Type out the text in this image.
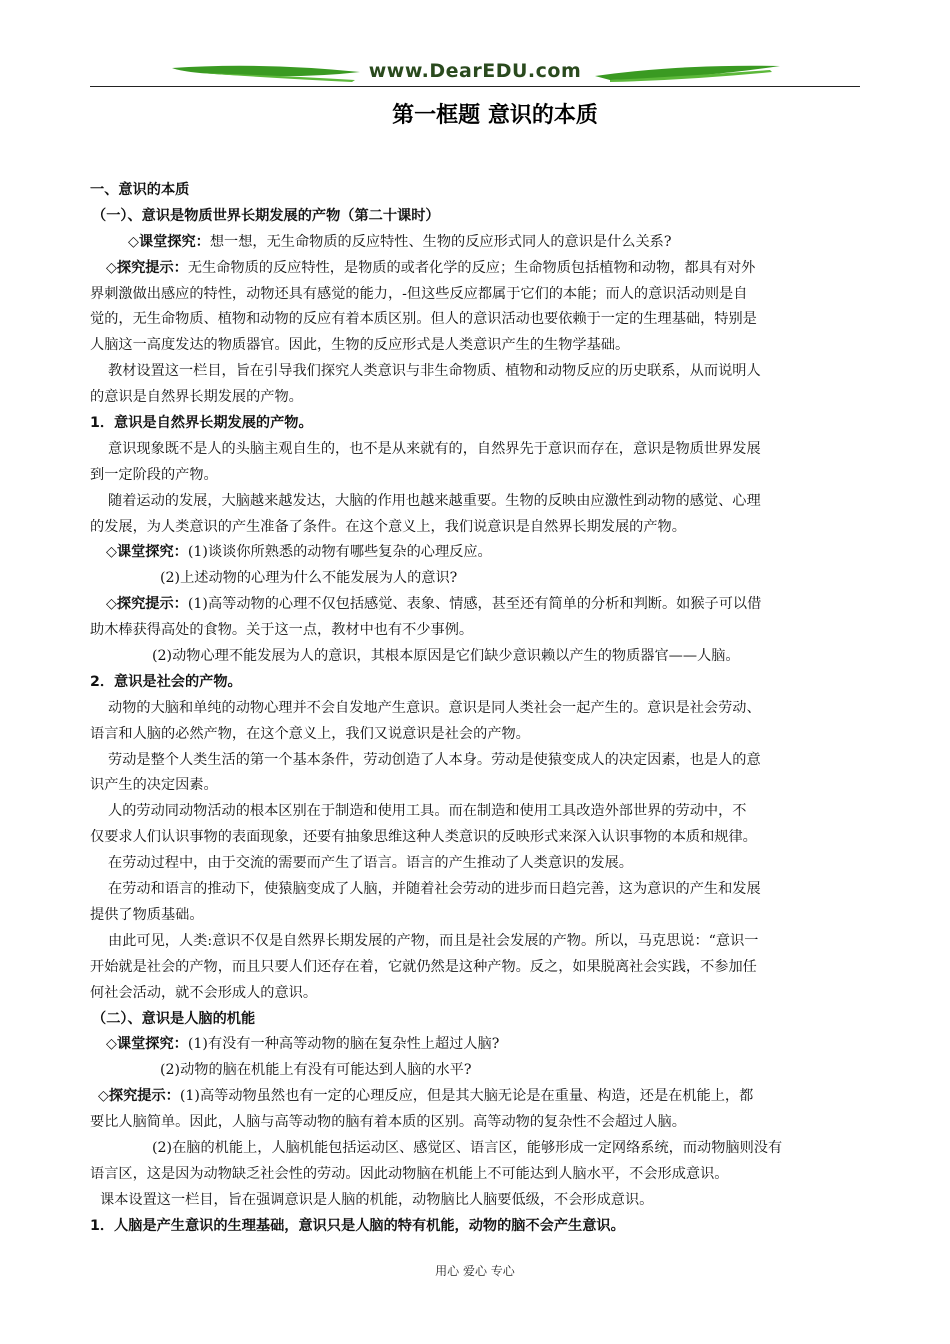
www.DearEDU.com
第一框题 意识的本质
一、意识的本质
（一）、意识是物质世界长期发展的产物（第二十课时）
◇课堂探究：想一想，无生命物质的反应特性、生物的反应形式同人的意识是什么关系?
◇探究提示：无生命物质的反应特性，是物质的或者化学的反应；生命物质包括植物和动物，都具有对外
界刺激做出感应的特性，动物还具有感觉的能力，-但这些反应都属于它们的本能；而人的意识活动则是自
觉的，无生命物质、植物和动物的反应有着本质区别。但人的意识活动也要依赖于一定的生理基础，特别是
人脑这一高度发达的物质器官。因此，生物的反应形式是人类意识产生的生物学基础。
教材设置这一栏目，旨在引导我们探究人类意识与非生命物质、植物和动物反应的历史联系，从而说明人
的意识是自然界长期发展的产物。
1．意识是自然界长期发展的产物。
意识现象既不是人的头脑主观自生的，也不是从来就有的，自然界先于意识而存在，意识是物质世界发展
到一定阶段的产物。
随着运动的发展，大脑越来越发达，大脑的作用也越来越重要。生物的反映由应激性到动物的感觉、心理
的发展，为人类意识的产生准备了条件。在这个意义上，我们说意识是自然界长期发展的产物。
◇课堂探究：(1)谈谈你所熟悉的动物有哪些复杂的心理反应。
(2)上述动物的心理为什么不能发展为人的意识?
◇探究提示：(1)高等动物的心理不仅包括感觉、表象、情感，甚至还有简单的分析和判断。如猴子可以借
助木棒获得高处的食物。关于这一点，教材中也有不少事例。
(2)动物心理不能发展为人的意识，其根本原因是它们缺少意识赖以产生的物质器官——人脑。
2．意识是社会的产物。
动物的大脑和单纯的动物心理并不会自发地产生意识。意识是同人类社会一起产生的。意识是社会劳动、
语言和人脑的必然产物，在这个意义上，我们又说意识是社会的产物。
劳动是整个人类生活的第一个基本条件，劳动创造了人本身。劳动是使猿变成人的决定因素，也是人的意
识产生的决定因素。
人的劳动同动物活动的根本区别在于制造和使用工具。而在制造和使用工具改造外部世界的劳动中，不
仅要求人们认识事物的表面现象，还要有抽象思维这种人类意识的反映形式来深入认识事物的本质和规律。
在劳动过程中，由于交流的需要而产生了语言。语言的产生推动了人类意识的发展。
在劳动和语言的推动下，使猿脑变成了人脑，并随着社会劳动的进步而日趋完善，这为意识的产生和发展
提供了物质基础。
由此可见，人类:意识不仅是自然界长期发展的产物，而且是社会发展的产物。所以，马克思说：“意识一
开始就是社会的产物，而且只要人们还存在着，它就仍然是这种产物。反之，如果脱离社会实践，不参加任
何社会活动，就不会形成人的意识。
（二）、意识是人脑的机能
◇课堂探究：(1)有没有一种高等动物的脑在复杂性上超过人脑?
(2)动物的脑在机能上有没有可能达到人脑的水平?
◇探究提示：(1)高等动物虽然也有一定的心理反应，但是其大脑无论是在重量、构造，还是在机能上，都
要比人脑简单。因此，人脑与高等动物的脑有着本质的区别。高等动物的复杂性不会超过人脑。
(2)在脑的机能上，人脑机能包括运动区、感觉区、语言区，能够形成一定网络系统，而动物脑则没有
语言区，这是因为动物缺乏社会性的劳动。因此动物脑在机能上不可能达到人脑水平，不会形成意识。
课本设置这一栏目，旨在强调意识是人脑的机能，动物脑比人脑要低级，不会形成意识。
1．人脑是产生意识的生理基础，意识只是人脑的特有机能，动物的脑不会产生意识。
用心 爱心 专心
